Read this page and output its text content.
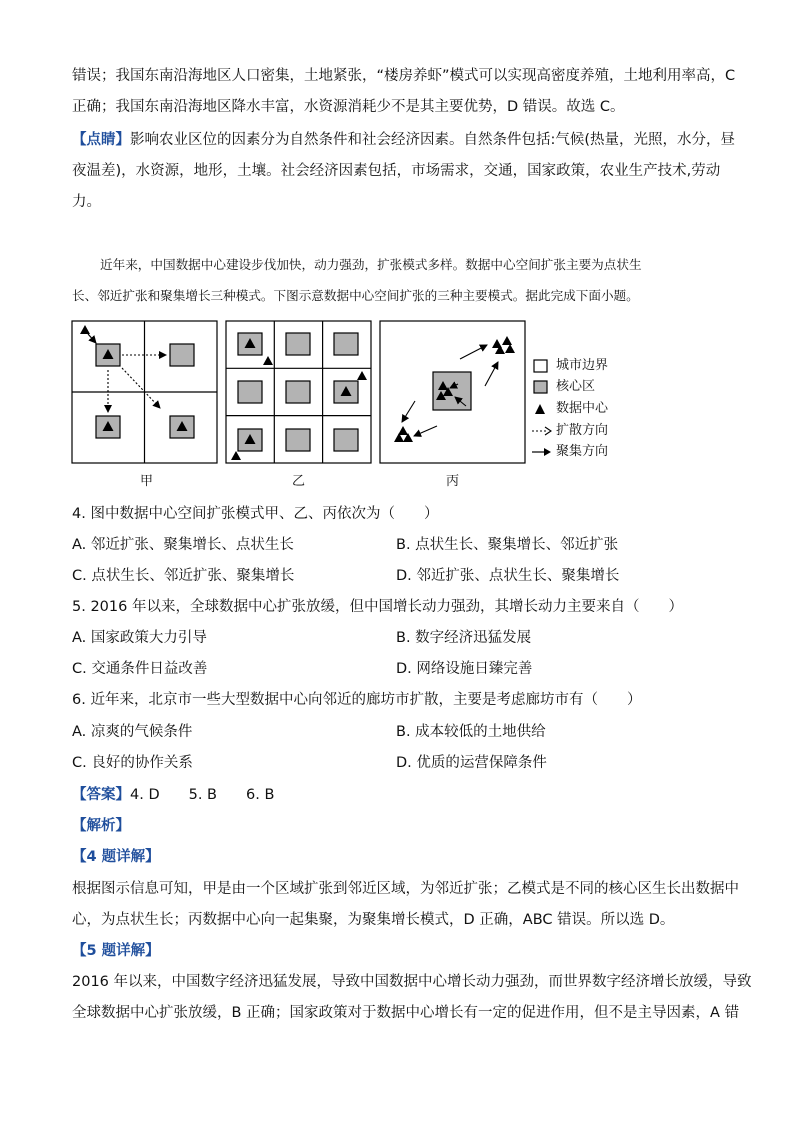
错误；我国东南沿海地区人口密集，土地紧张，“楼房养虾”模式可以实现高密度养殖，土地利用率高，C
正确；我国东南沿海地区降水丰富，水资源消耗少不是其主要优势，D 错误。故选 C。
【点睛】影响农业区位的因素分为自然条件和社会经济因素。自然条件包括:气候(热量，光照，水分，昼
夜温差)，水资源，地形，土壤。社会经济因素包括，市场需求，交通，国家政策，农业生产技术,劳动
力。
近年来，中国数据中心建设步伐加快，动力强劲，扩张模式多样。数据中心空间扩张主要为点状生
长、邻近扩张和聚集增长三种模式。下图示意数据中心空间扩张的三种主要模式。据此完成下面小题。
甲	乙	丙
城市边界
核心区
数据中心
扩散方向
聚集方向
4. 图中数据中心空间扩张模式甲、乙、丙依次为（　　）
A. 邻近扩张、聚集增长、点状生长	B. 点状生长、聚集增长、邻近扩张
C. 点状生长、邻近扩张、聚集增长	D. 邻近扩张、点状生长、聚集增长
5. 2016 年以来，全球数据中心扩张放缓，但中国增长动力强劲，其增长动力主要来自（　　）
A. 国家政策大力引导	B. 数字经济迅猛发展
C. 交通条件日益改善	D. 网络设施日臻完善
6. 近年来，北京市一些大型数据中心向邻近的廊坊市扩散，主要是考虑廊坊市有（　　）
A. 凉爽的气候条件	B. 成本较低的土地供给
C. 良好的协作关系	D. 优质的运营保障条件
【答案】4. D　　5. B　　6. B
【解析】
【4 题详解】
根据图示信息可知，甲是由一个区域扩张到邻近区域，为邻近扩张；乙模式是不同的核心区生长出数据中
心，为点状生长；丙数据中心向一起集聚，为聚集增长模式，D 正确，ABC 错误。所以选 D。
【5 题详解】
2016 年以来，中国数字经济迅猛发展，导致中国数据中心增长动力强劲，而世界数字经济增长放缓，导致
全球数据中心扩张放缓，B 正确；国家政策对于数据中心增长有一定的促进作用，但不是主导因素，A 错
